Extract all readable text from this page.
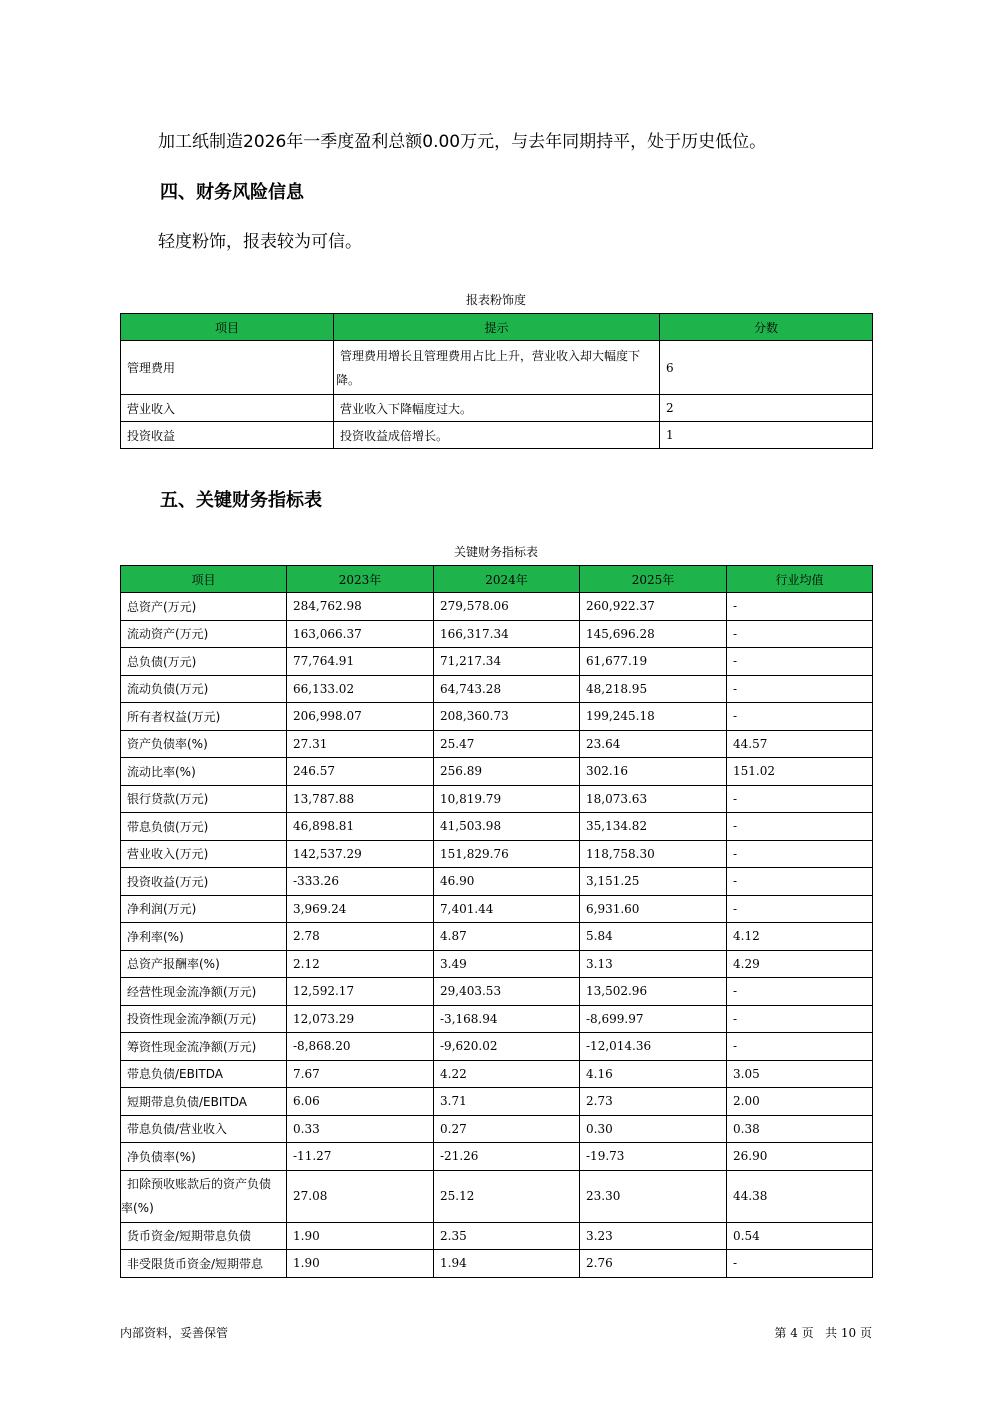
加工纸制造2026年一季度盈利总额0.00万元，与去年同期持平，处于历史低位。

四、财务风险信息

轻度粉饰，报表较为可信。

报表粉饰度
项目	提示	分数
管理费用	管理费用增长且管理费用占比上升，营业收入却大幅度下降。	6
营业收入	营业收入下降幅度过大。	2
投资收益	投资收益成倍增长。	1
五、关键财务指标表
关键财务指标表
项目	2023年	2024年	2025年	行业均值
总资产(万元)	284,762.98	279,578.06	260,922.37	-
流动资产(万元)	163,066.37	166,317.34	145,696.28	-
总负债(万元)	77,764.91	71,217.34	61,677.19	-
流动负债(万元)	66,133.02	64,743.28	48,218.95	-
所有者权益(万元)	206,998.07	208,360.73	199,245.18	-
资产负债率(%)	27.31	25.47	23.64	44.57
流动比率(%)	246.57	256.89	302.16	151.02
银行贷款(万元)	13,787.88	10,819.79	18,073.63	-
带息负债(万元)	46,898.81	41,503.98	35,134.82	-
营业收入(万元)	142,537.29	151,829.76	118,758.30	-
投资收益(万元)	-333.26	46.90	3,151.25	-
净利润(万元)	3,969.24	7,401.44	6,931.60	-
净利率(%)	2.78	4.87	5.84	4.12
总资产报酬率(%)	2.12	3.49	3.13	4.29
经营性现金流净额(万元)	12,592.17	29,403.53	13,502.96	-
投资性现金流净额(万元)	12,073.29	-3,168.94	-8,699.97	-
筹资性现金流净额(万元)	-8,868.20	-9,620.02	-12,014.36	-
带息负债/EBITDA	7.67	4.22	4.16	3.05
短期带息负债/EBITDA	6.06	3.71	2.73	2.00
带息负债/营业收入	0.33	0.27	0.30	0.38
净负债率(%)	-11.27	-21.26	-19.73	26.90
扣除预收账款后的资产负债率(%)	27.08	25.12	23.30	44.38
货币资金/短期带息负债	1.90	2.35	3.23	0.54
非受限货币资金/短期带息	1.90	1.94	2.76	-
内部资料，妥善保管	第 4 页   共 10 页
